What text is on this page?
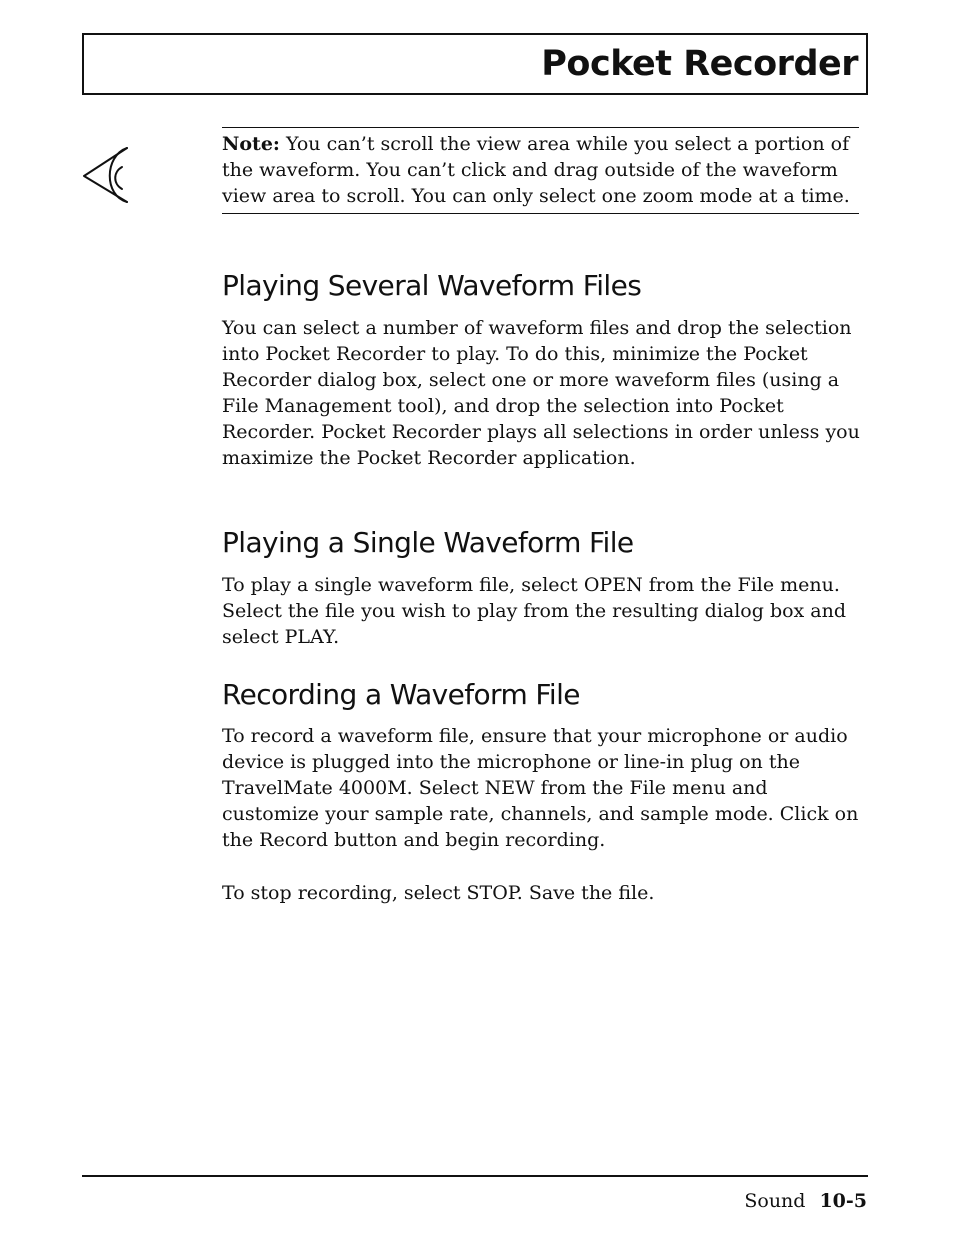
Pocket Recorder

Note: You can’t scroll the view area while you select a portion of the waveform. You can’t click and drag outside of the waveform view area to scroll. You can only select one zoom mode at a time.

Playing Several Waveform Files

You can select a number of waveform files and drop the selection into Pocket Recorder to play. To do this, minimize the Pocket Recorder dialog box, select one or more waveform files (using a File Management tool), and drop the selection into Pocket Recorder. Pocket Recorder plays all selections in order unless you maximize the Pocket Recorder application.

Playing a Single Waveform File

To play a single waveform file, select OPEN from the File menu. Select the file you wish to play from the resulting dialog box and select PLAY.

Recording a Waveform File

To record a waveform file, ensure that your microphone or audio device is plugged into the microphone or line-in plug on the TravelMate 4000M. Select NEW from the File menu and customize your sample rate, channels, and sample mode. Click on the Record button and begin recording.

To stop recording, select STOP. Save the file.

Sound 10-5
